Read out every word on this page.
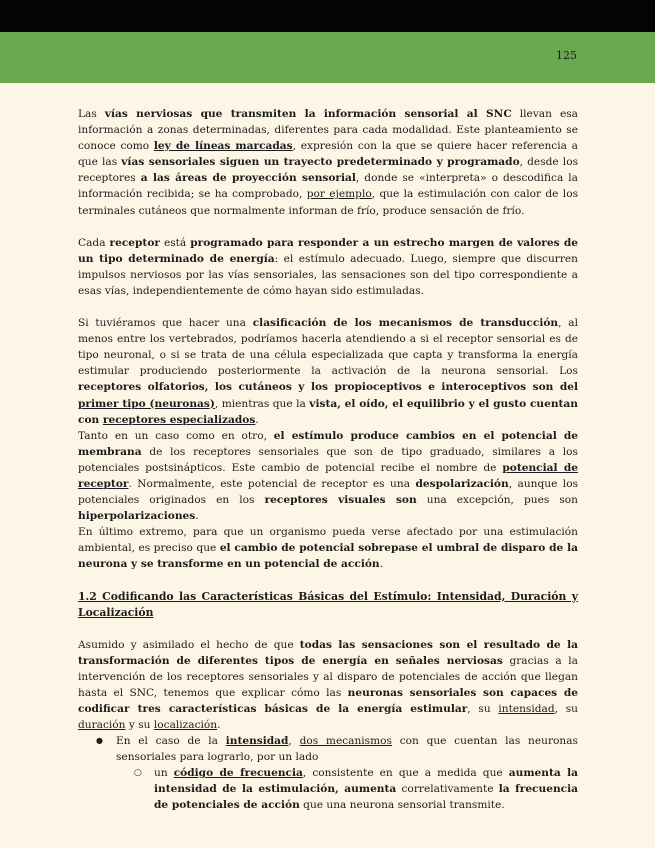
125

Las vías nerviosas que transmiten la información sensorial al SNC llevan esa información a zonas determinadas, diferentes para cada modalidad. Este planteamiento se conoce como ley de líneas marcadas, expresión con la que se quiere hacer referencia a que las vías sensoriales siguen un trayecto predeterminado y programado, desde los receptores a las áreas de proyección sensorial, donde se «interpreta» o descodifica la información recibida; se ha comprobado, por ejemplo, que la estimulación con calor de los terminales cutáneos que normalmente informan de frío, produce sensación de frío.

Cada receptor está programado para responder a un estrecho margen de valores de un tipo determinado de energía: el estímulo adecuado. Luego, siempre que discurren impulsos nerviosos por las vías sensoriales, las sensaciones son del tipo correspondiente a esas vías, independientemente de cómo hayan sido estimuladas.

Si tuviéramos que hacer una clasificación de los mecanismos de transducción, al menos entre los vertebrados, podríamos hacerla atendiendo a si el receptor sensorial es de tipo neuronal, o si se trata de una célula especializada que capta y transforma la energía estimular produciendo posteriormente la activación de la neurona sensorial. Los receptores olfatorios, los cutáneos y los propioceptivos e interoceptivos son del primer tipo (neuronas), mientras que la vista, el oído, el equilibrio y el gusto cuentan con receptores especializados.

Tanto en un caso como en otro, el estímulo produce cambios en el potencial de membrana de los receptores sensoriales que son de tipo graduado, similares a los potenciales postsinápticos. Este cambio de potencial recibe el nombre de potencial de receptor. Normalmente, este potencial de receptor es una despolarización, aunque los potenciales originados en los receptores visuales son una excepción, pues son hiperpolarizaciones.

En último extremo, para que un organismo pueda verse afectado por una estimulación ambiental, es preciso que el cambio de potencial sobrepase el umbral de disparo de la neurona y se transforme en un potencial de acción.

1.2 Codificando las Características Básicas del Estímulo: Intensidad, Duración y Localización

Asumido y asimilado el hecho de que todas las sensaciones son el resultado de la transformación de diferentes tipos de energía en señales nerviosas gracias a la intervención de los receptores sensoriales y al disparo de potenciales de acción que llegan hasta el SNC, tenemos que explicar cómo las neuronas sensoriales son capaces de codificar tres características básicas de la energía estimular, su intensidad, su duración y su localización.

● En el caso de la intensidad, dos mecanismos con que cuentan las neuronas sensoriales para lograrlo, por un lado
○ un código de frecuencia, consistente en que a medida que aumenta la intensidad de la estimulación, aumenta correlativamente la frecuencia de potenciales de acción que una neurona sensorial transmite.
